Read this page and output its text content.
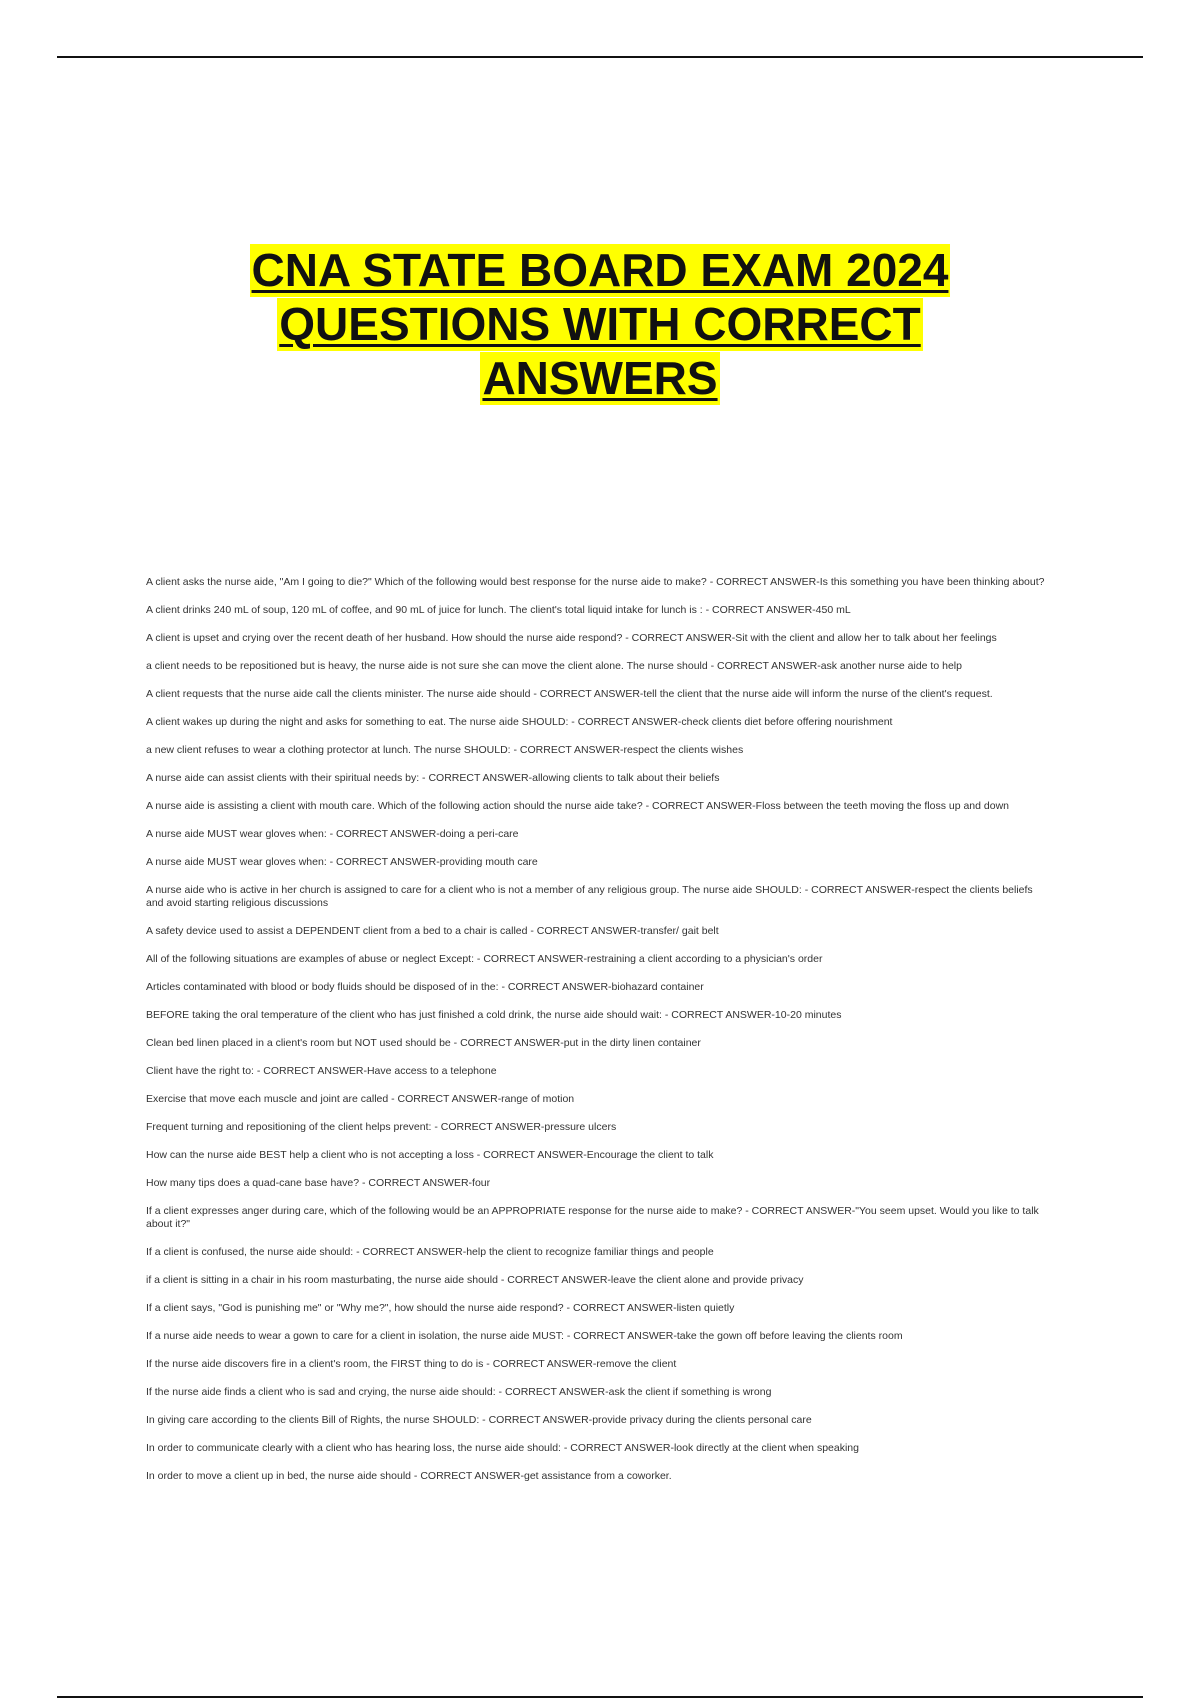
CNA STATE BOARD EXAM 2024
QUESTIONS WITH CORRECT
ANSWERS
A client asks the nurse aide, "Am I going to die?" Which of the following would best response for the nurse aide to make? - CORRECT ANSWER-Is this something you have been thinking about?
A client drinks 240 mL of soup, 120 mL of coffee, and 90 mL of juice for lunch. The client's total liquid intake for lunch is : - CORRECT ANSWER-450 mL
A client is upset and crying over the recent death of her husband. How should the nurse aide respond? - CORRECT ANSWER-Sit with the client and allow her to talk about her feelings
a client needs to be repositioned but is heavy, the nurse aide is not sure she can move the client alone. The nurse should - CORRECT ANSWER-ask another nurse aide to help
A client requests that the nurse aide call the clients minister. The nurse aide should - CORRECT ANSWER-tell the client that the nurse aide will inform the nurse of the client's request.
A client wakes up during the night and asks for something to eat. The nurse aide SHOULD: - CORRECT ANSWER-check clients diet before offering nourishment
a new client refuses to wear a clothing protector at lunch. The nurse SHOULD: - CORRECT ANSWER-respect the clients wishes
A nurse aide can assist clients with their spiritual needs by: - CORRECT ANSWER-allowing clients to talk about their beliefs
A nurse aide is assisting a client with mouth care. Which of the following action should the nurse aide take? - CORRECT ANSWER-Floss between the teeth moving the floss up and down
A nurse aide MUST wear gloves when: - CORRECT ANSWER-doing a peri-care
A nurse aide MUST wear gloves when: - CORRECT ANSWER-providing mouth care
A nurse aide who is active in her church is assigned to care for a client who is not a member of any religious group. The nurse aide SHOULD: - CORRECT ANSWER-respect the clients beliefs and avoid starting religious discussions
A safety device used to assist a DEPENDENT client from a bed to a chair is called - CORRECT ANSWER-transfer/ gait belt
All of the following situations are examples of abuse or neglect Except: - CORRECT ANSWER-restraining a client according to a physician's order
Articles contaminated with blood or body fluids should be disposed of in the: - CORRECT ANSWER-biohazard container
BEFORE taking the oral temperature of the client who has just finished a cold drink, the nurse aide should wait: - CORRECT ANSWER-10-20 minutes
Clean bed linen placed in a client's room but NOT used should be - CORRECT ANSWER-put in the dirty linen container
Client have the right to: - CORRECT ANSWER-Have access to a telephone
Exercise that move each muscle and joint are called - CORRECT ANSWER-range of motion
Frequent turning and repositioning of the client helps prevent: - CORRECT ANSWER-pressure ulcers
How can the nurse aide BEST help a client who is not accepting a loss - CORRECT ANSWER-Encourage the client to talk
How many tips does a quad-cane base have? - CORRECT ANSWER-four
If a client expresses anger during care, which of the following would be an APPROPRIATE response for the nurse aide to make? - CORRECT ANSWER-"You seem upset. Would you like to talk about it?"
If a client is confused, the nurse aide should: - CORRECT ANSWER-help the client to recognize familiar things and people
if a client is sitting in a chair in his room masturbating, the nurse aide should - CORRECT ANSWER-leave the client alone and provide privacy
If a client says, "God is punishing me" or "Why me?", how should the nurse aide respond? - CORRECT ANSWER-listen quietly
If a nurse aide needs to wear a gown to care for a client in isolation, the nurse aide MUST: - CORRECT ANSWER-take the gown off before leaving the clients room
If the nurse aide discovers fire in a client's room, the FIRST thing to do is - CORRECT ANSWER-remove the client
If the nurse aide finds a client who is sad and crying, the nurse aide should: - CORRECT ANSWER-ask the client if something is wrong
In giving care according to the clients Bill of Rights, the nurse SHOULD: - CORRECT ANSWER-provide privacy during the clients personal care
In order to communicate clearly with a client who has hearing loss, the nurse aide should: - CORRECT ANSWER-look directly at the client when speaking
In order to move a client up in bed, the nurse aide should - CORRECT ANSWER-get assistance from a coworker.
